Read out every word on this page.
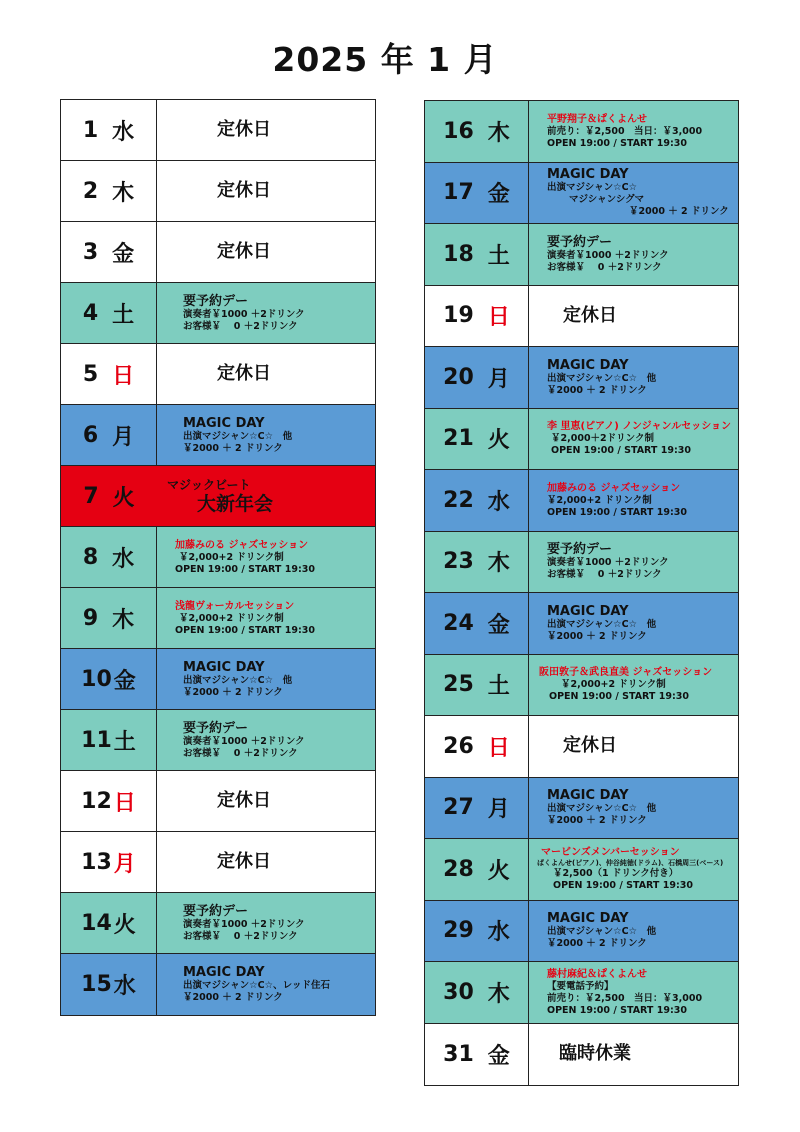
2025 年 1 月
1 水	定休日
2 木	定休日
3 金	定休日
4 土
要予約デー
演奏者￥1000 ＋2ドリンク
お客様￥　 0 ＋2ドリンク
5 日	定休日
6 月
MAGIC DAY
出演マジシャン☆C☆　他
￥2000 ＋ 2 ドリンク
7 火
マジックビート
大新年会
8 水
加藤みのる ジャズセッション
￥2,000+2 ドリンク制
OPEN 19:00 / START 19:30
9 木
浅龍ヴォーカルセッション
￥2,000+2 ドリンク制
OPEN 19:00 / START 19:30
10 金
MAGIC DAY
出演マジシャン☆C☆　他
￥2000 ＋ 2 ドリンク
11 土
要予約デー
演奏者￥1000 ＋2ドリンク
お客様￥　 0 ＋2ドリンク
12 日	定休日
13 月	定休日
14 火
要予約デー
演奏者￥1000 ＋2ドリンク
お客様￥　 0 ＋2ドリンク
15 水
MAGIC DAY
出演マジシャン☆C☆、レッド住石
￥2000 ＋ 2 ドリンク
16 木
平野翔子＆ぱくよんせ
前売り：￥2,500　当日：￥3,000
OPEN 19:00 / START 19:30
17 金
MAGIC DAY
出演マジシャン☆C☆
マジシャンシグマ
￥2000 ＋ 2 ドリンク
18 土
要予約デー
演奏者￥1000 ＋2ドリンク
お客様￥　 0 ＋2ドリンク
19 日	定休日
20 月
MAGIC DAY
出演マジシャン☆C☆　他
￥2000 ＋ 2 ドリンク
21 火
李 里恵(ピアノ) ノンジャンルセッション
￥2,000＋2ドリンク制
OPEN 19:00 / START 19:30
22 水
加藤みのる ジャズセッション
￥2,000+2 ドリンク制
OPEN 19:00 / START 19:30
23 木
要予約デー
演奏者￥1000 ＋2ドリンク
お客様￥　 0 ＋2ドリンク
24 金
MAGIC DAY
出演マジシャン☆C☆　他
￥2000 ＋ 2 ドリンク
25 土
阪田敦子＆武良直美 ジャズセッション
￥2,000+2 ドリンク制
OPEN 19:00 / START 19:30
26 日	定休日
27 月
MAGIC DAY
出演マジシャン☆C☆　他
￥2000 ＋ 2 ドリンク
28 火
マービンズメンバーセッション
ぱくよんせ(ピアノ)、仲谷純徳(ドラム)、石橋周三(ベース)
￥2,500（1 ドリンク付き）
OPEN 19:00 / START 19:30
29 水
MAGIC DAY
出演マジシャン☆C☆　他
￥2000 ＋ 2 ドリンク
30 木
藤村麻紀＆ぱくよんせ
【要電話予約】
前売り：￥2,500　当日：￥3,000
OPEN 19:00 / START 19:30
31 金	臨時休業
